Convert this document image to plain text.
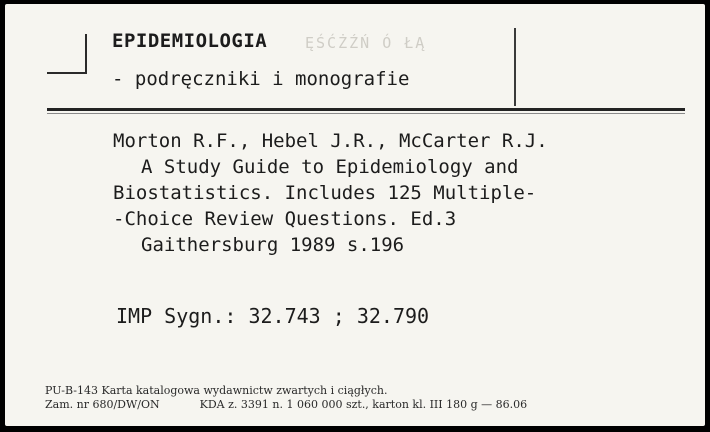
EPIDEMIOLOGIA	ĘŚĆŻŹŃ Ó ŁĄ
- podręczniki i monografie
Morton R.F., Hebel J.R., McCarter R.J.
A Study Guide to Epidemiology and
Biostatistics. Includes 125 Multiple-
-Choice Review Questions. Ed.3
Gaithersburg 1989 s.196
IMP Sygn.: 32.743 ; 32.790
PU-B-143 Karta katalogowa wydawnictw zwartych i ciągłych.
Zam. nr 680/DW/ON	KDA z. 3391 n. 1 060 000 szt., karton kl. III 180 g — 86.06
